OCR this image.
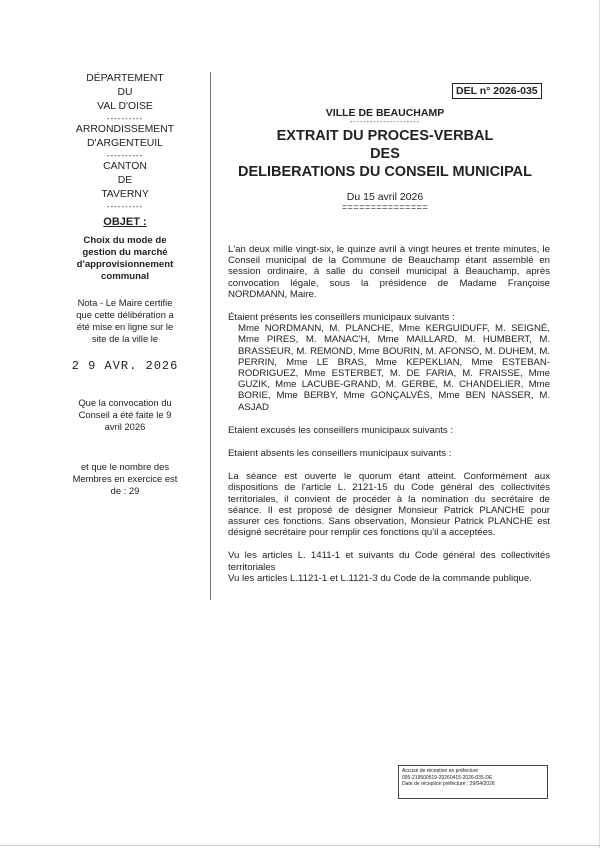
DÉPARTEMENT
DU
VAL D'OISE
----------
ARRONDISSEMENT
D'ARGENTEUIL
----------
CANTON
DE
TAVERNY
----------
OBJET :
Choix du mode de
gestion du marché
d'approvisionnement
communal
Nota - Le Maire certifie
que cette délibération a
été mise en ligne sur le
site de la ville le
2 9 AVR. 2026
Que la convocation du
Conseil a été faite le 9
avril 2026
et que le nombre des
Membres en exercice est
de : 29
DEL n° 2026-035
VILLE DE BEAUCHAMP
---------------------
EXTRAIT DU PROCES-VERBAL
DES
DELIBERATIONS DU CONSEIL MUNICIPAL
Du 15 avril 2026
===============

L'an deux mille vingt-six, le quinze avril à vingt heures et trente minutes, le Conseil municipal de la Commune de Beauchamp étant assemblé en session ordinaire, à salle du conseil municipal à Beauchamp, après convocation légale, sous la présidence de Madame Françoise NORDMANN, Maire.

Étaient présents les conseillers municipaux suivants :

Mme NORDMANN, M. PLANCHE, Mme KERGUIDUFF, M. SEIGNÉ, Mme PIRES, M. MANAC'H, Mme MAILLARD, M. HUMBERT, M. BRASSEUR, M. REMOND, Mme BOURIN, M. AFONSO, M. DUHEM, M. PERRIN, Mme LE BRAS, Mme KEPEKLIAN, Mme ESTEBAN-RODRIGUEZ, Mme ESTERBET, M. DE FARIA, M. FRAISSE, Mme GUZIK, Mme LACUBE-GRAND, M. GERBE, M. CHANDELIER, Mme BORIE, Mme BERBY, Mme GONÇALVÈS, Mme BEN NASSER, M. ASJAD

Etaient excusés les conseillers municipaux suivants :

Etaient absents les conseillers municipaux suivants :

La séance est ouverte le quorum étant atteint. Conformément aux dispositions de l'article L. 2121-15 du Code général des collectivités territoriales, il convient de procéder à la nomination du secrétaire de séance. Il est proposé de désigner Monsieur Patrick PLANCHE pour assurer ces fonctions. Sans observation, Monsieur Patrick PLANCHE est désigné secrétaire pour remplir ces fonctions qu'il a acceptées.

Vu les articles L. 1411-1 et suivants du Code général des collectivités territoriales

Vu les articles L.1121-1 et L.1121-3 du Code de la commande publique.

Accusé de réception en préfecture
095-219500519-20260415-2026-035-DE
Date de réception préfecture : 29/04/2026
